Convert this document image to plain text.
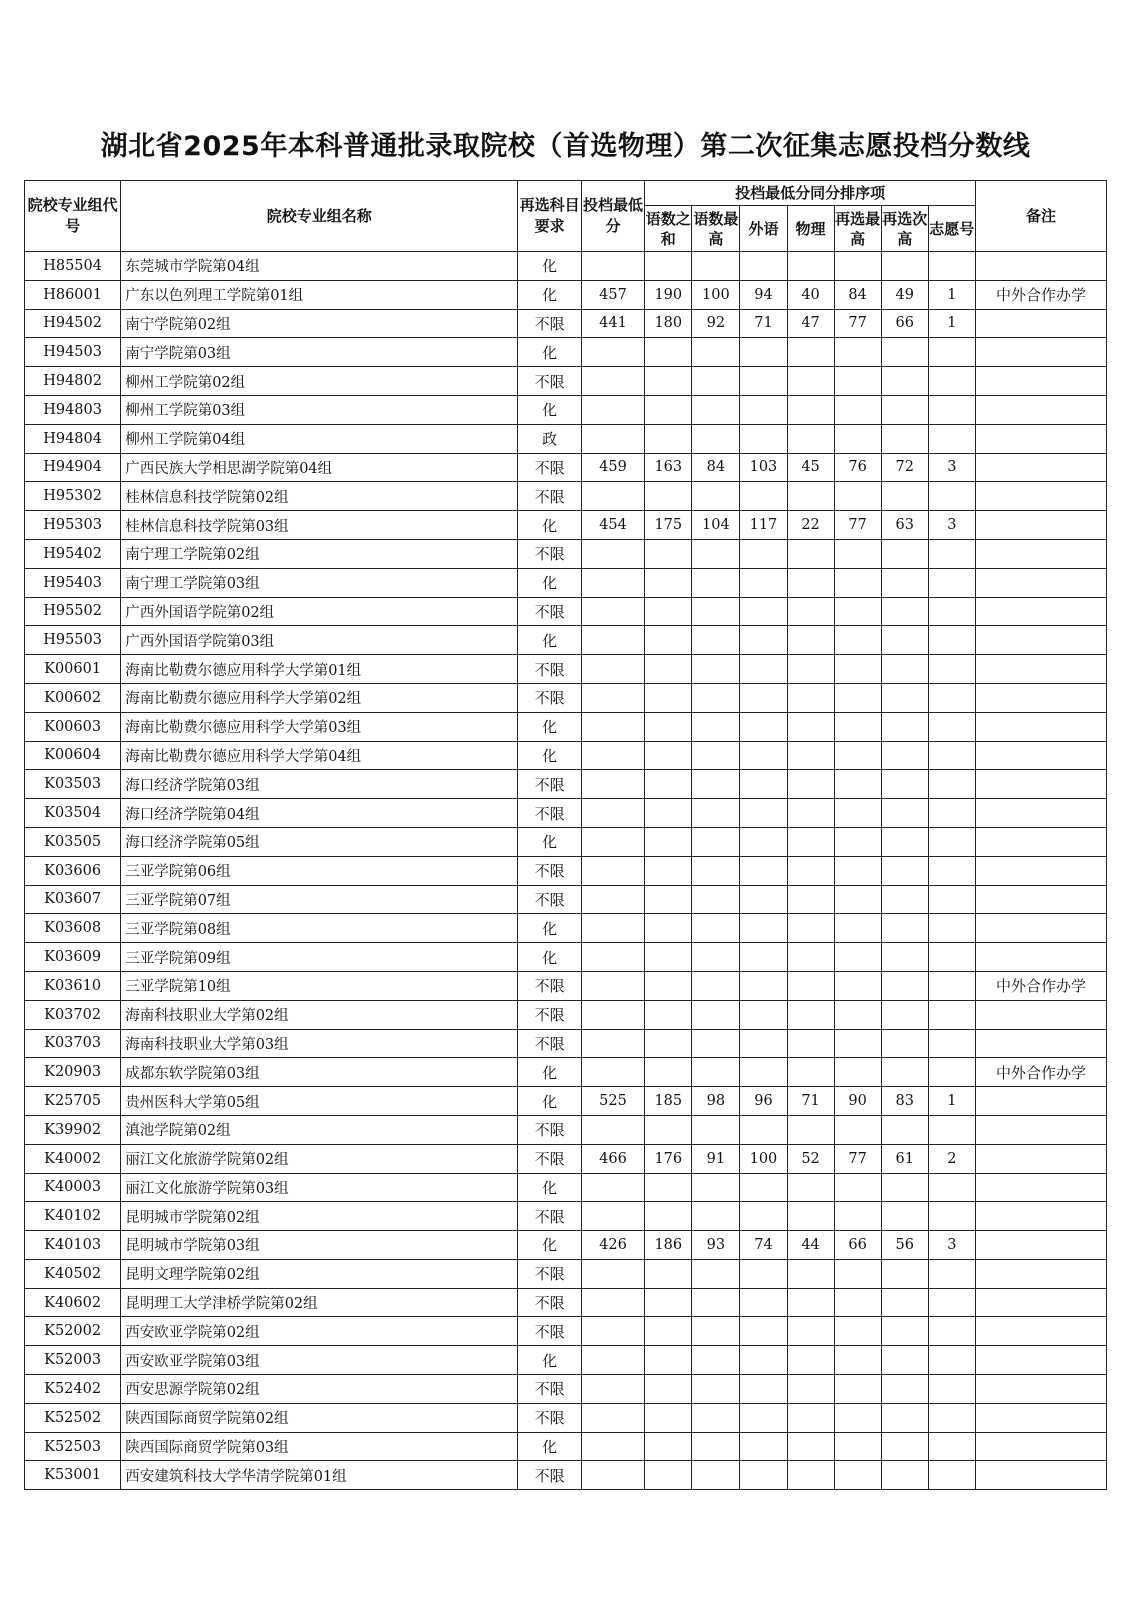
湖北省2025年本科普通批录取院校（首选物理）第二次征集志愿投档分数线
院校专业组代号	院校专业组名称	再选科目要求	投档最低分	投档最低分同分排序项							备注
				语数之和	语数最高	外语	物理	再选最高	再选次高	志愿号	
H85504	东莞城市学院第04组	化									
H86001	广东以色列理工学院第01组	化	457	190	100	94	40	84	49	1	中外合作办学
H94502	南宁学院第02组	不限	441	180	92	71	47	77	66	1	
H94503	南宁学院第03组	化									
H94802	柳州工学院第02组	不限									
H94803	柳州工学院第03组	化									
H94804	柳州工学院第04组	政									
H94904	广西民族大学相思湖学院第04组	不限	459	163	84	103	45	76	72	3	
H95302	桂林信息科技学院第02组	不限									
H95303	桂林信息科技学院第03组	化	454	175	104	117	22	77	63	3	
H95402	南宁理工学院第02组	不限									
H95403	南宁理工学院第03组	化									
H95502	广西外国语学院第02组	不限									
H95503	广西外国语学院第03组	化									
K00601	海南比勒费尔德应用科学大学第01组	不限									
K00602	海南比勒费尔德应用科学大学第02组	不限									
K00603	海南比勒费尔德应用科学大学第03组	化									
K00604	海南比勒费尔德应用科学大学第04组	化									
K03503	海口经济学院第03组	不限									
K03504	海口经济学院第04组	不限									
K03505	海口经济学院第05组	化									
K03606	三亚学院第06组	不限									
K03607	三亚学院第07组	不限									
K03608	三亚学院第08组	化									
K03609	三亚学院第09组	化									
K03610	三亚学院第10组	不限									中外合作办学
K03702	海南科技职业大学第02组	不限									
K03703	海南科技职业大学第03组	不限									
K20903	成都东软学院第03组	化									中外合作办学
K25705	贵州医科大学第05组	化	525	185	98	96	71	90	83	1	
K39902	滇池学院第02组	不限									
K40002	丽江文化旅游学院第02组	不限	466	176	91	100	52	77	61	2	
K40003	丽江文化旅游学院第03组	化									
K40102	昆明城市学院第02组	不限									
K40103	昆明城市学院第03组	化	426	186	93	74	44	66	56	3	
K40502	昆明文理学院第02组	不限									
K40602	昆明理工大学津桥学院第02组	不限									
K52002	西安欧亚学院第02组	不限									
K52003	西安欧亚学院第03组	化									
K52402	西安思源学院第02组	不限									
K52502	陕西国际商贸学院第02组	不限									
K52503	陕西国际商贸学院第03组	化									
K53001	西安建筑科技大学华清学院第01组	不限									
